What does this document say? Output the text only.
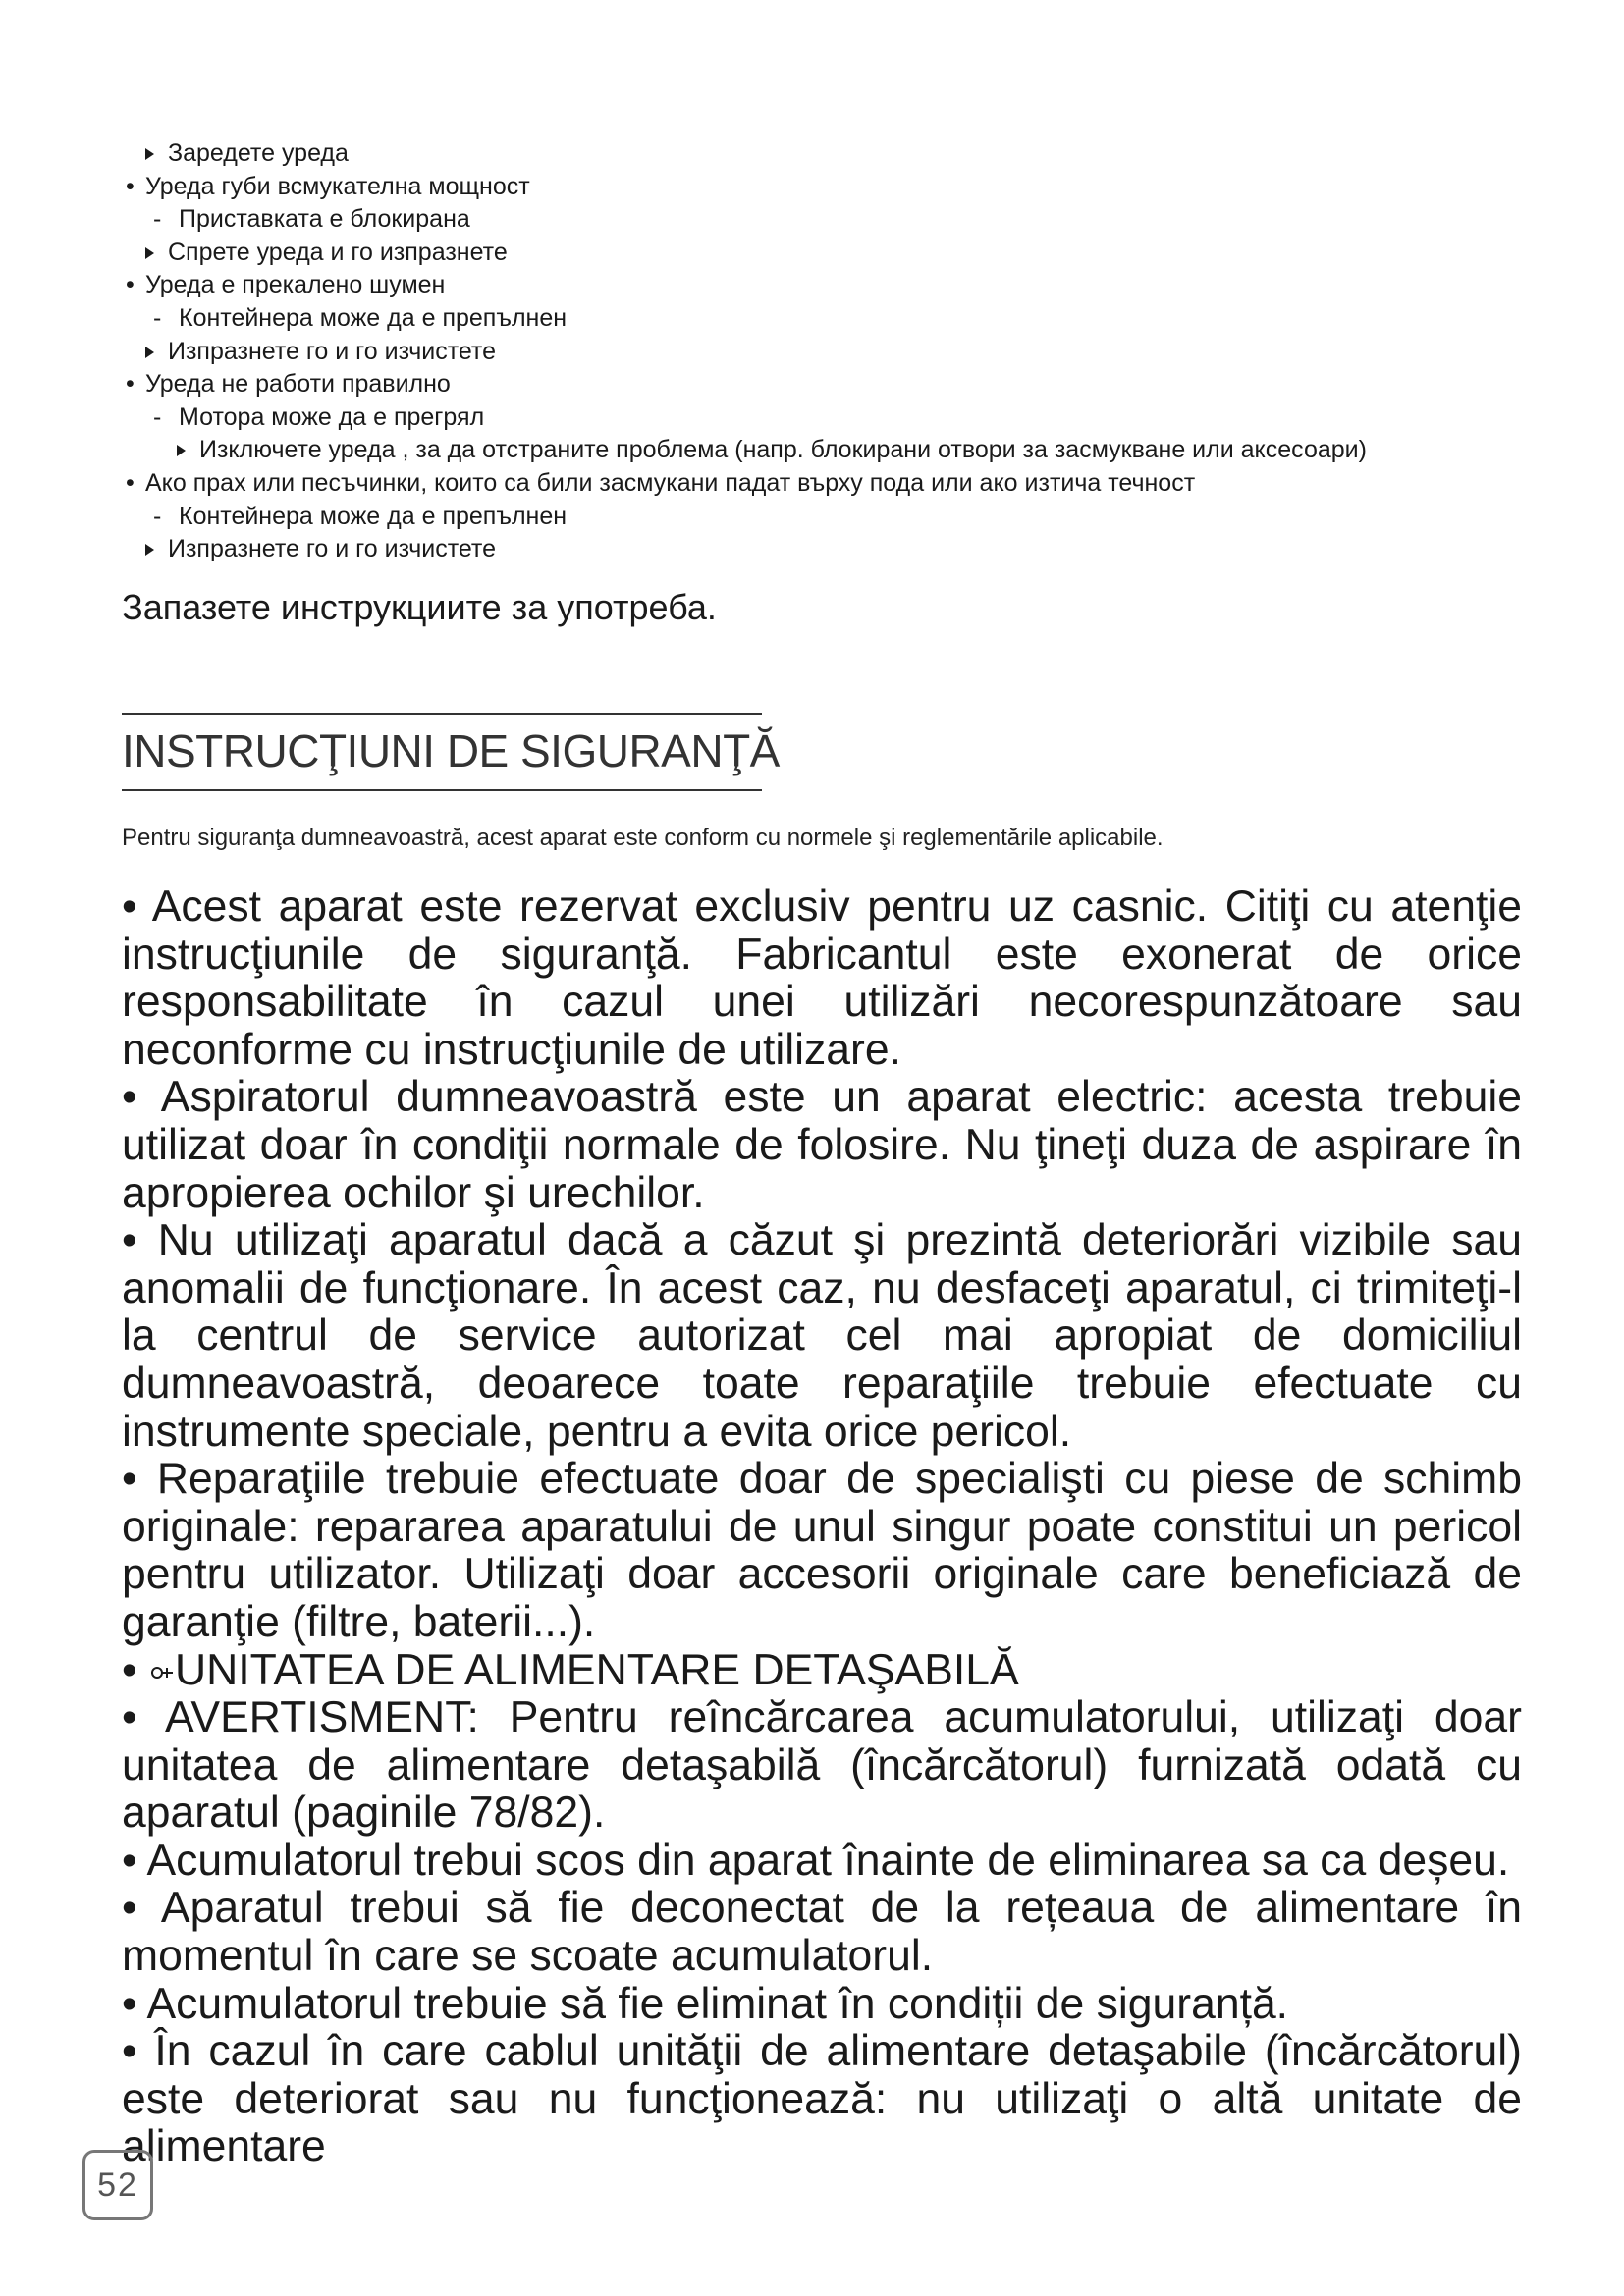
Заредете уреда
• Уреда губи всмукателна мощност
- Приставката е блокирана
Спрете уреда и го изпразнете
• Уреда е прекалено шумен
- Контейнера може да е препълнен
Изпразнете го и го изчистете
• Уреда не работи правилно
- Мотора може да е прегрял
Изключете уреда , за да отстраните проблема (напр. блокирани отвори за засмукване или аксесоари)
• Ако прах или песъчинки, които са били засмукани падат върху пода или ако изтича течност
- Контейнера може да е препълнен
Изпразнете го и го изчистете
Запазете инструкциите за употреба.
INSTRUCŢIUNI DE SIGURANŢĂ
Pentru siguranţa dumneavoastră, acest aparat este conform cu normele şi reglementările aplicabile.

• Acest aparat este rezervat exclusiv pentru uz casnic. Citiţi cu atenţie instrucţiunile de siguranţă. Fabricantul este exonerat de orice responsabilitate în cazul unei utilizări necorespunzătoare sau neconforme cu instrucţiunile de utilizare.

• Aspiratorul dumneavoastră este un aparat electric: acesta trebuie utilizat doar în condiţii normale de folosire. Nu ţineţi duza de aspirare în apropierea ochilor şi urechilor.

• Nu utilizaţi aparatul dacă a căzut şi prezintă deteriorări vizibile sau anomalii de funcţionare. În acest caz, nu desfaceţi aparatul, ci trimiteţi-l la centrul de service autorizat cel mai apropiat de domiciliul dumneavoastră, deoarece toate reparaţiile trebuie efectuate cu instrumente speciale, pentru a evita orice pericol.

• Reparaţiile trebuie efectuate doar de specialişti cu piese de schimb originale: repararea aparatului de unul singur poate constitui un pericol pentru utilizator. Utilizaţi doar accesorii originale care beneficiază de garanţie (filtre, baterii...).

• UNITATEA DE ALIMENTARE DETAŞABILĂ

• AVERTISMENT: Pentru reîncărcarea acumulatorului, utilizaţi doar unitatea de alimentare detaşabilă (încărcătorul) furnizată odată cu aparatul (paginile 78/82).

• Acumulatorul trebui scos din aparat înainte de eliminarea sa ca deșeu.

• Aparatul trebui să fie deconectat de la rețeaua de alimentare în momentul în care se scoate acumulatorul.

• Acumulatorul trebuie să fie eliminat în condiții de siguranță.

• În cazul în care cablul unităţii de alimentare detaşabile (încărcătorul) este deteriorat sau nu funcţionează: nu utilizaţi o altă unitate de alimentare

52
